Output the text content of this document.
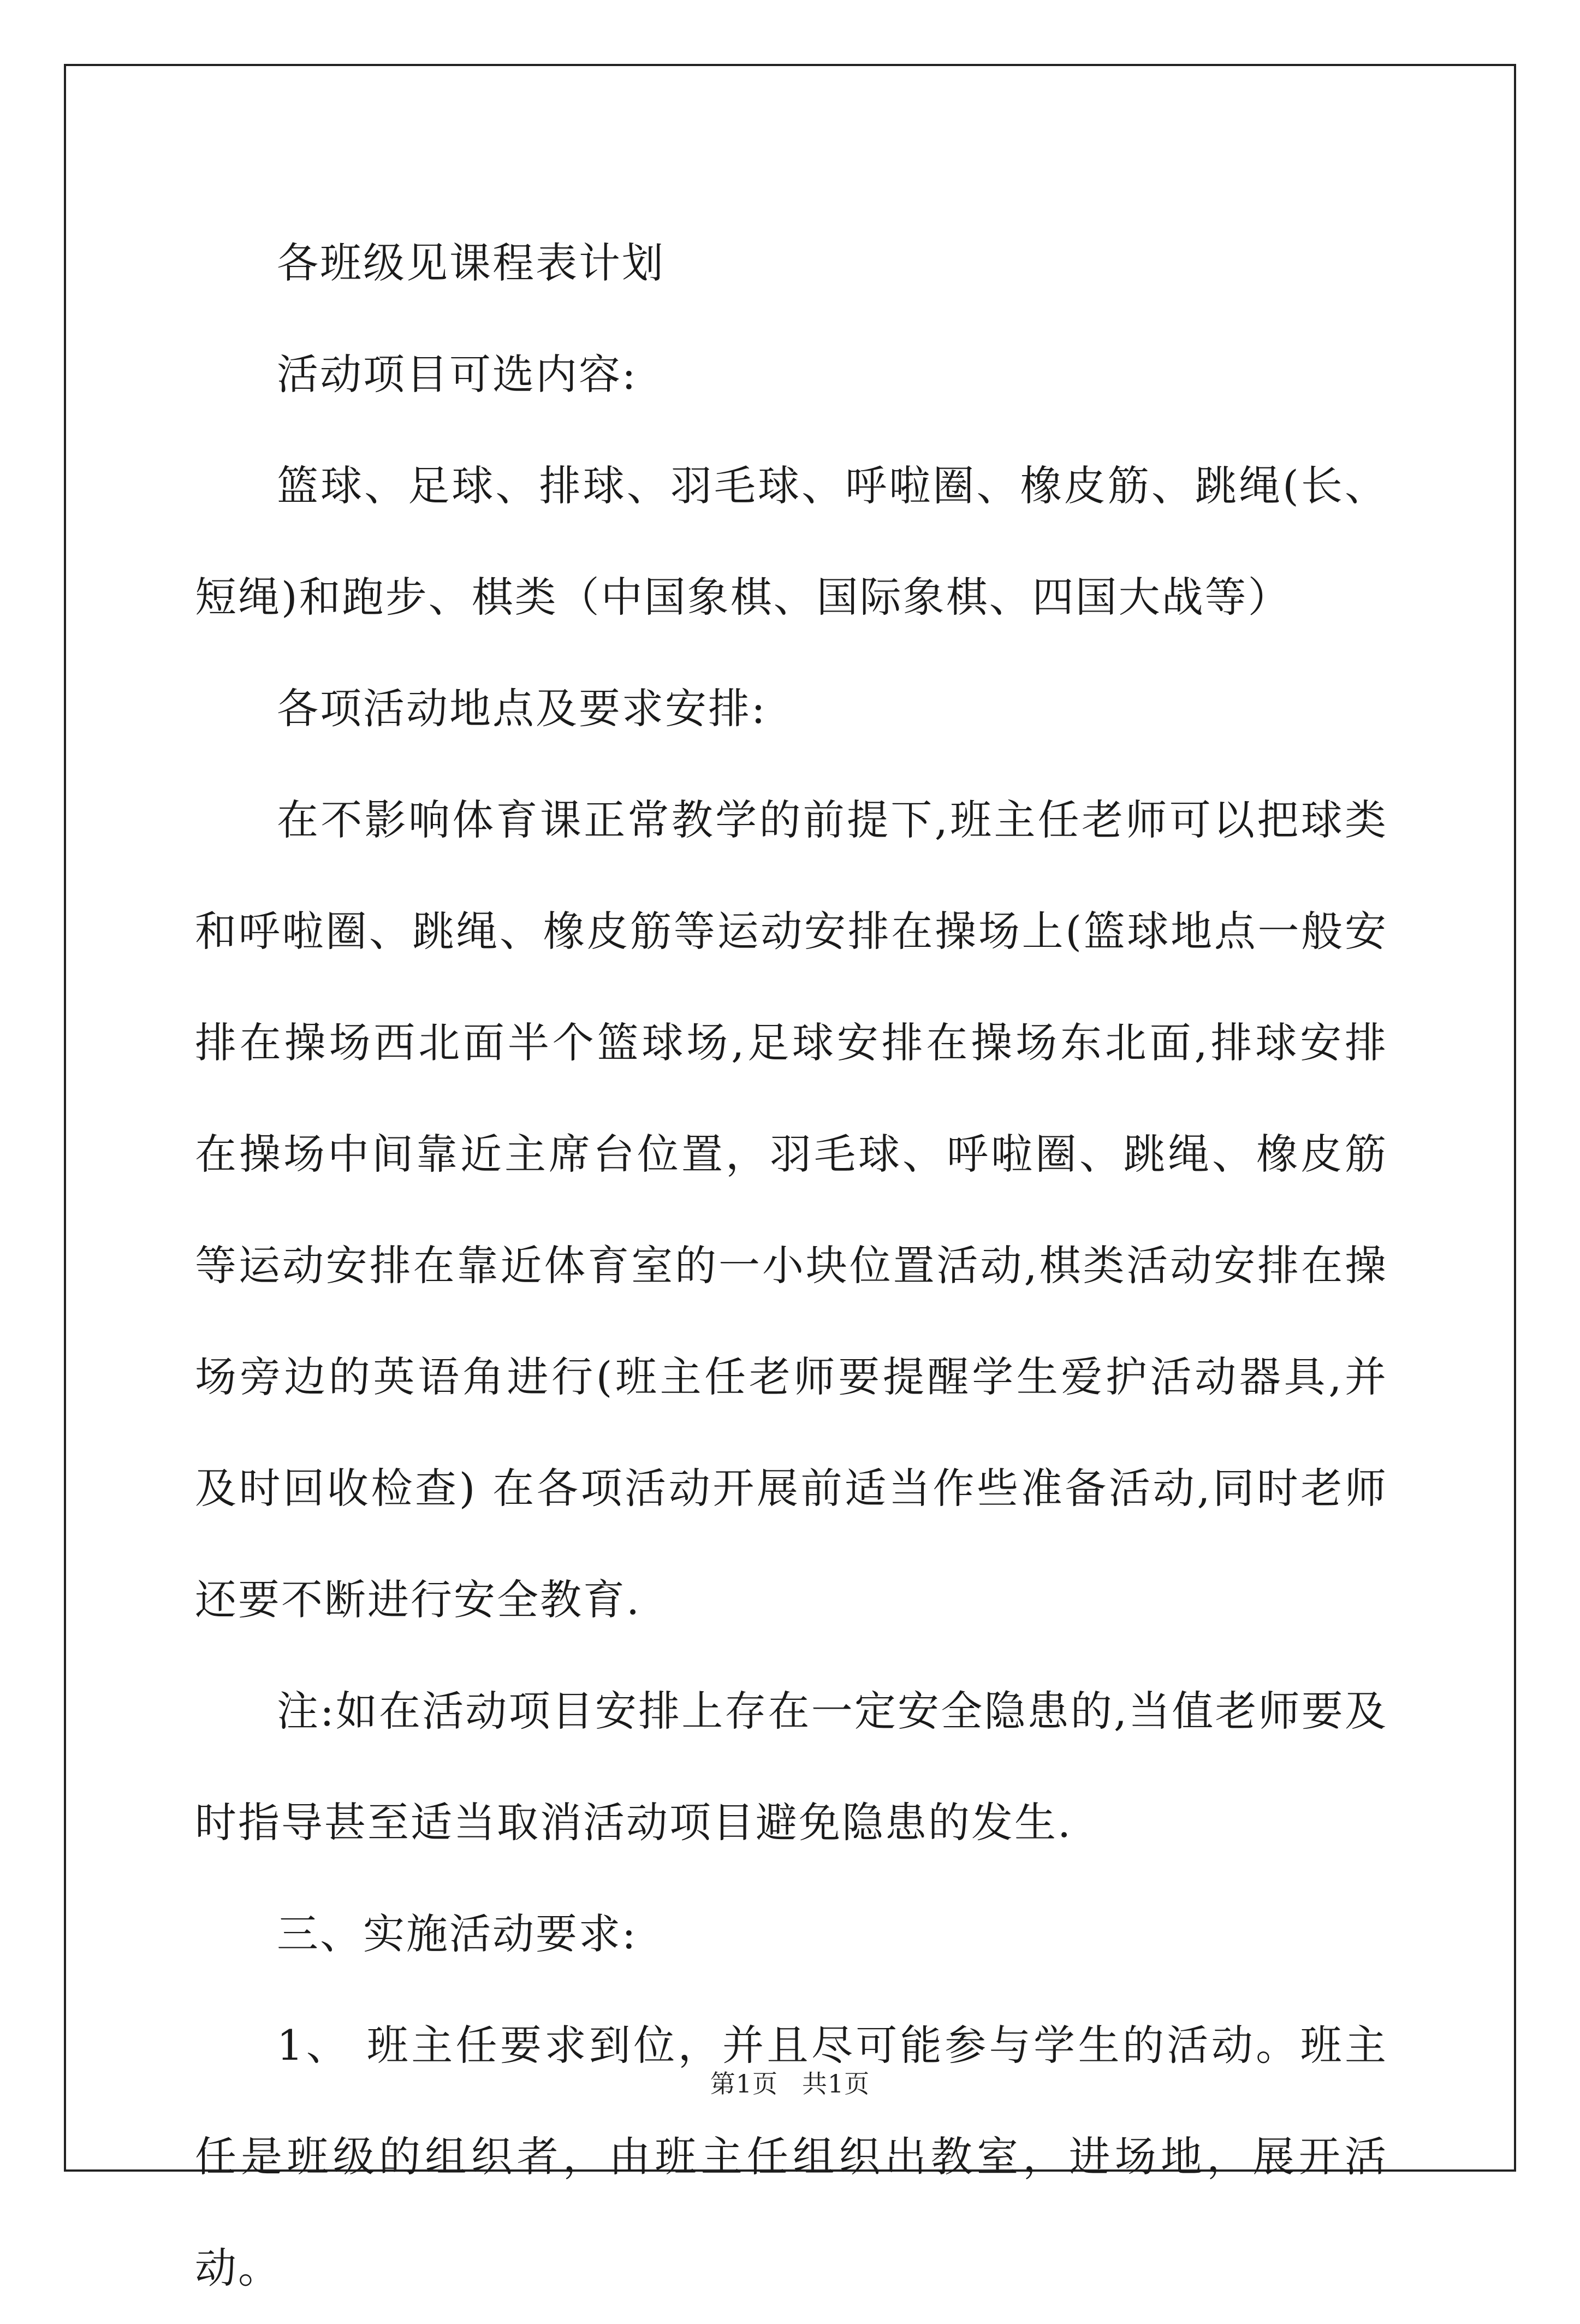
各班级见课程表计划

活动项目可选内容:

篮球、足球、排球、羽毛球、呼啦圈、橡皮筋、跳绳(长、短绳)和跑步、棋类（中国象棋、国际象棋、四国大战等）

各项活动地点及要求安排:

在不影响体育课正常教学的前提下,班主任老师可以把球类和呼啦圈、跳绳、橡皮筋等运动安排在操场上(篮球地点一般安排在操场西北面半个篮球场,足球安排在操场东北面,排球安排在操场中间靠近主席台位置，羽毛球、呼啦圈、跳绳、橡皮筋等运动安排在靠近体育室的一小块位置活动,棋类活动安排在操场旁边的英语角进行(班主任老师要提醒学生爱护活动器具,并及时回收检查) 在各项活动开展前适当作些准备活动,同时老师还要不断进行安全教育.

注:如在活动项目安排上存在一定安全隐患的,当值老师要及时指导甚至适当取消活动项目避免隐患的发生.

三、实施活动要求:

1、 班主任要求到位，并且尽可能参与学生的活动。班主任是班级的组织者，由班主任组织出教室，进场地，展开活动。

第1页 共1页
